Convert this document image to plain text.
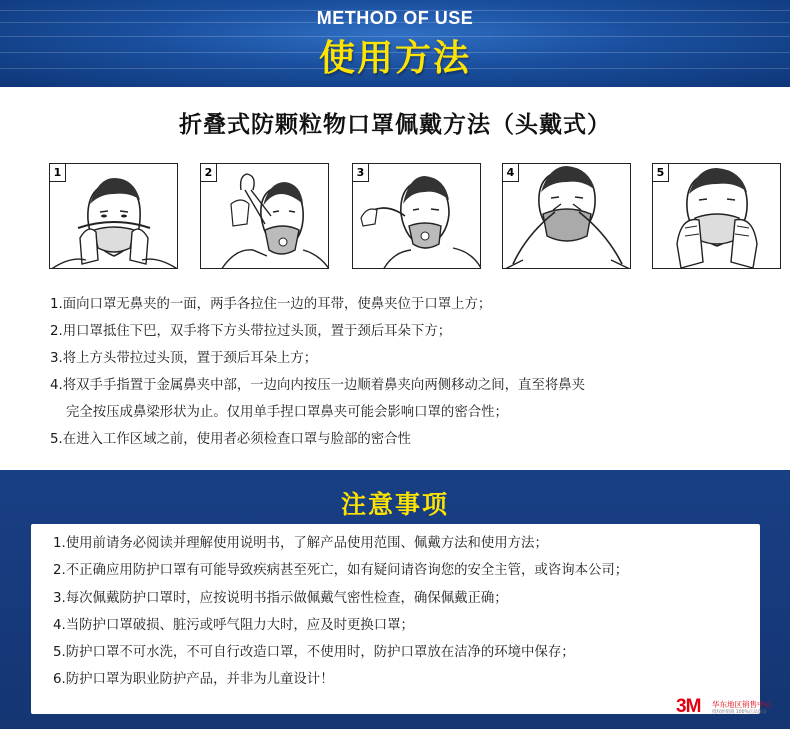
METHOD OF USE
使用方法
折叠式防颗粒物口罩佩戴方法（头戴式）
1	2	3	4	5
1.面向口罩无鼻夹的一面，两手各拉住一边的耳带，使鼻夹位于口罩上方；
2.用口罩抵住下巴，双手将下方头带拉过头顶，置于颈后耳朵下方；
3.将上方头带拉过头顶，置于颈后耳朵上方；
4.将双手手指置于金属鼻夹中部，一边向内按压一边顺着鼻夹向两侧移动之间，直至将鼻夹
完全按压成鼻梁形状为止。仅用单手捏口罩鼻夹可能会影响口罩的密合性；
5.在进入工作区域之前，使用者必须检查口罩与脸部的密合性
注意事项
1.使用前请务必阅读并理解使用说明书，了解产品使用范围、佩戴方法和使用方法；
2.不正确应用防护口罩有可能导致疾病甚至死亡，如有疑问请咨询您的安全主管，或咨询本公司；
3.每次佩戴防护口罩时，应按说明书指示做佩戴气密性检查，确保佩戴正确；
4.当防护口罩破损、脏污或呼气阻力大时，应及时更换口罩；
5.防护口罩不可水洗，不可自行改造口罩，不使用时，防护口罩放在洁净的环境中保存；
6.防护口罩为职业防护产品，并非为儿童设计！
3M 华东地区销售中心
授权经销商 100%正品保证
